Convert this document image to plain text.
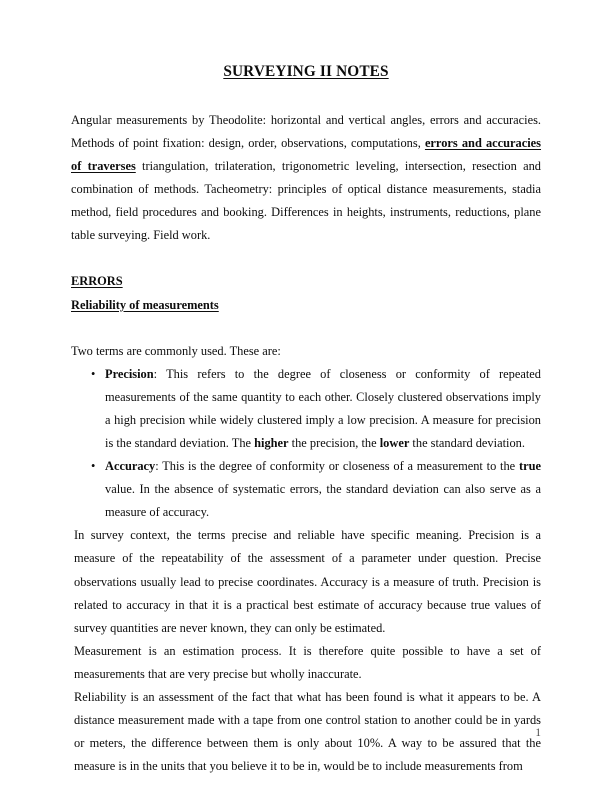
SURVEYING II NOTES

Angular measurements by Theodolite: horizontal and vertical angles, errors and accuracies. Methods of point fixation: design, order, observations, computations, errors and accuracies of traverses triangulation, trilateration, trigonometric leveling, intersection, resection and combination of methods. Tacheometry: principles of optical distance measurements, stadia method, field procedures and booking. Differences in heights, instruments, reductions, plane table surveying. Field work.

ERRORS
Reliability of measurements
Two terms are commonly used. These are:
• Precision: This refers to the degree of closeness or conformity of repeated measurements of the same quantity to each other. Closely clustered observations imply a high precision while widely clustered imply a low precision. A measure for precision is the standard deviation. The higher the precision, the lower the standard deviation.
• Accuracy: This is the degree of conformity or closeness of a measurement to the true value. In the absence of systematic errors, the standard deviation can also serve as a measure of accuracy.

In survey context, the terms precise and reliable have specific meaning. Precision is a measure of the repeatability of the assessment of a parameter under question. Precise observations usually lead to precise coordinates. Accuracy is a measure of truth. Precision is related to accuracy in that it is a practical best estimate of accuracy because true values of survey quantities are never known, they can only be estimated.

Measurement is an estimation process. It is therefore quite possible to have a set of measurements that are very precise but wholly inaccurate.

Reliability is an assessment of the fact that what has been found is what it appears to be. A distance measurement made with a tape from one control station to another could be in yards or meters, the difference between them is only about 10%. A way to be assured that the measure is in the units that you believe it to be in, would be to include measurements from

1
